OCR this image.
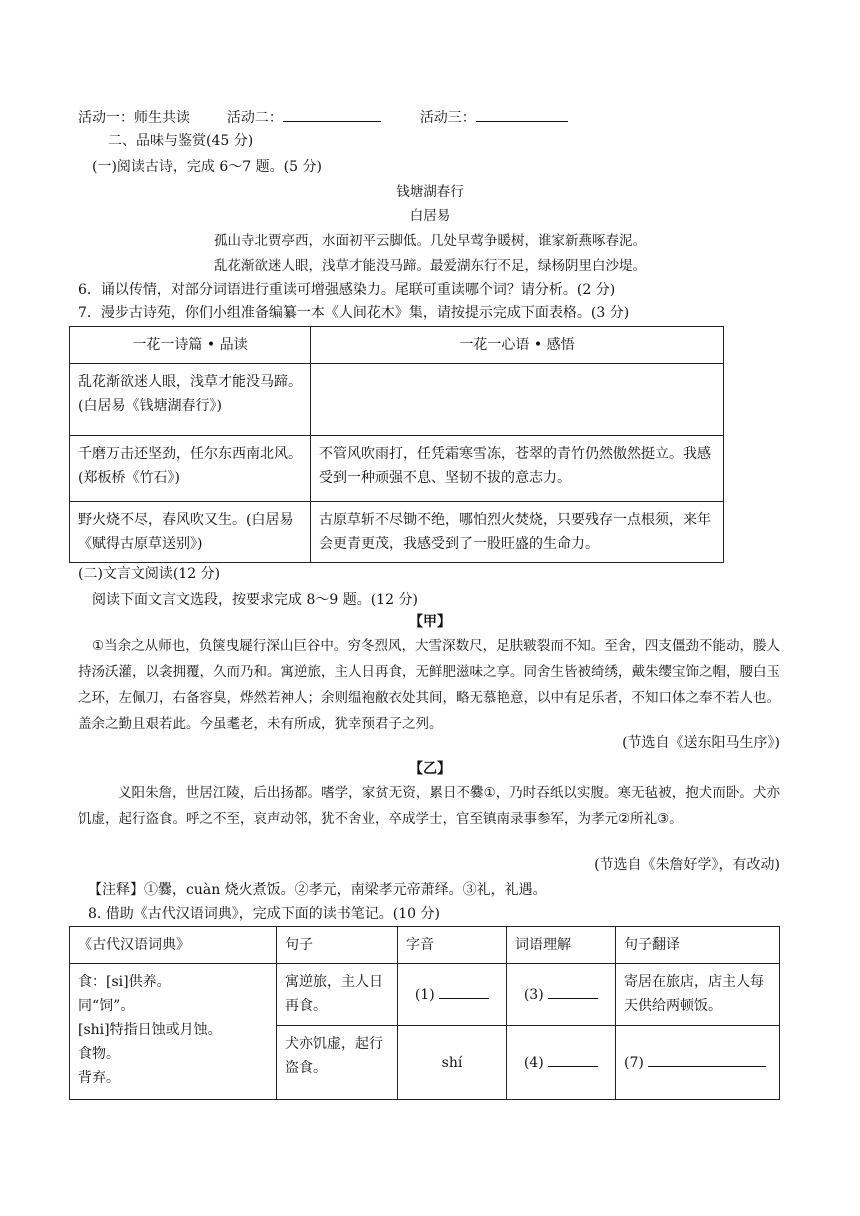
活动一：师生共读	活动二：	活动三：
二、品味与鉴赏(45 分)
(一)阅读古诗，完成 6～7 题。(5 分)
钱塘湖春行
白居易
孤山寺北贾亭西，水面初平云脚低。几处早莺争暖树，谁家新燕啄春泥。
乱花渐欲迷人眼，浅草才能没马蹄。最爱湖东行不足，绿杨阴里白沙堤。
6．诵以传情，对部分词语进行重读可增强感染力。尾联可重读哪个词？请分析。(2 分)
7．漫步古诗苑，你们小组准备编纂一本《人间花木》集，请按提示完成下面表格。(3 分)
一花一诗篇 • 品读	一花一心语 • 感悟
乱花渐欲迷人眼，浅草才能没马蹄。(白居易《钱塘湖春行》)	
千磨万击还坚劲，任尔东西南北风。(郑板桥《竹石》)	不管风吹雨打，任凭霜寒雪冻，苍翠的青竹仍然傲然挺立。我感受到一种顽强不息、坚韧不拔的意志力。
野火烧不尽，春风吹又生。(白居易《赋得古原草送别》)	古原草斩不尽锄不绝，哪怕烈火焚烧，只要残存一点根须，来年会更青更茂，我感受到了一股旺盛的生命力。
(二)文言文阅读(12 分)
阅读下面文言文选段，按要求完成 8～9 题。(12 分)
【甲】
①当余之从师也，负箧曳屣行深山巨谷中。穷冬烈风，大雪深数尺，足肤皲裂而不知。至舍，四支僵劲不能动，媵人持汤沃灌，以衾拥覆，久而乃和。寓逆旅，主人日再食，无鲜肥滋味之享。同舍生皆被绮绣，戴朱缨宝饰之帽，腰白玉之环，左佩刀，右备容臭，烨然若神人；余则缊袍敝衣处其间，略无慕艳意，以中有足乐者，不知口体之奉不若人也。盖余之勤且艰若此。今虽耄老，未有所成，犹幸预君子之列。
(节选自《送东阳马生序》)
【乙】
义阳朱詹，世居江陵，后出扬都。嗜学，家贫无资，累日不爨①，乃时吞纸以实腹。寒无毡被，抱犬而卧。犬亦饥虚，起行盗食。呼之不至，哀声动邻，犹不舍业，卒成学士，官至镇南录事参军，为孝元②所礼③。
(节选自《朱詹好学》，有改动)
【注释】①爨，cuàn 烧火煮饭。②孝元，南梁孝元帝萧绎。③礼，礼遇。
8. 借助《古代汉语词典》，完成下面的读书笔记。(10 分)
《古代汉语词典》	句子	字音	词语理解	句子翻译

食：[si]供养。
同“饲”。
[shi]特指日蚀或月蚀。
食物。
背弃。	寓逆旅，主人日再食。	(1)	(3)	寄居在旅店，店主人每天供给两顿饭。
	犬亦饥虚，起行盗食。	shí	(4)	(7)
